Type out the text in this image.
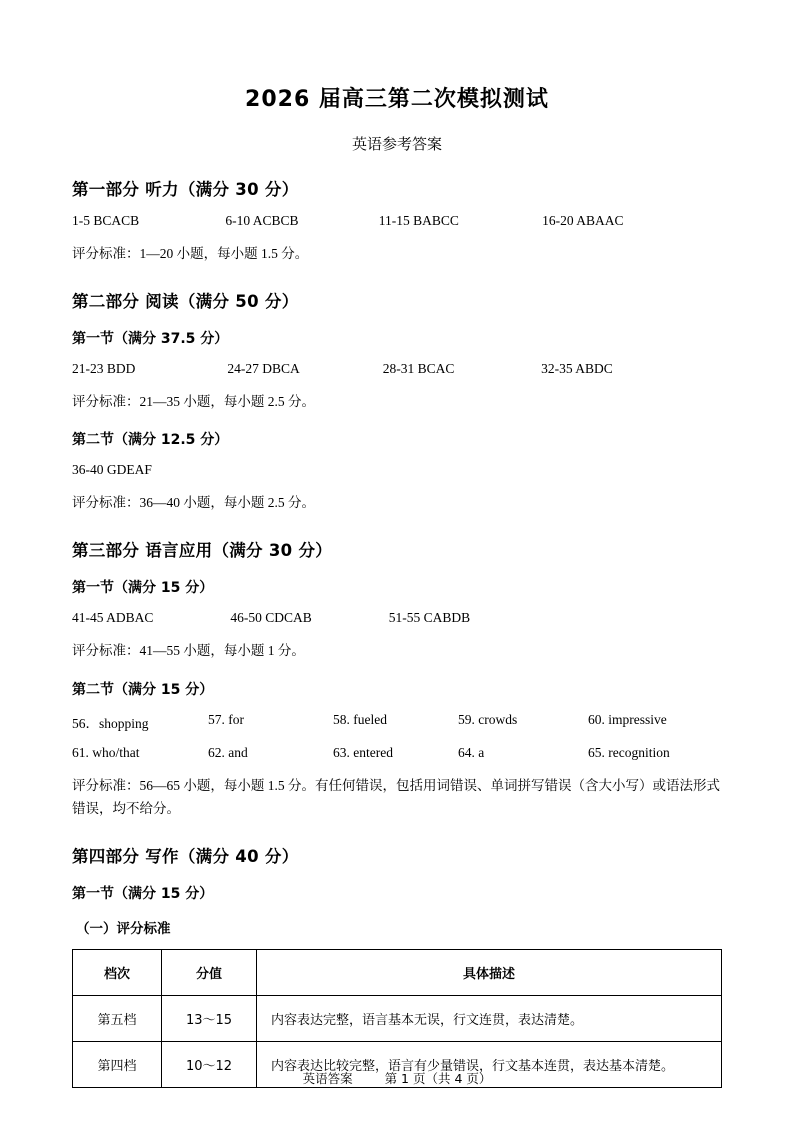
2026 届高三第二次模拟测试
英语参考答案
第一部分 听力（满分 30 分）
1-5 BCACB	6-10 ACBCB	11-15 BABCC	16-20 ABAAC
评分标准：1—20 小题，每小题 1.5 分。
第二部分 阅读（满分 50 分）
第一节（满分 37.5 分）
21-23 BDD	24-27 DBCA	28-31 BCAC	32-35 ABDC
评分标准：21—35 小题，每小题 2.5 分。
第二节（满分 12.5 分）
36-40 GDEAF
评分标准：36—40 小题，每小题 2.5 分。
第三部分 语言应用（满分 30 分）
第一节（满分 15 分）
41-45 ADBAC	46-50 CDCAB	51-55 CABDB
评分标准：41—55 小题，每小题 1 分。
第二节（满分 15 分）
56．shopping	57. for	58. fueled	59. crowds	60. impressive
61. who/that	62. and	63. entered	64. a	65. recognition
评分标准：56—65 小题，每小题 1.5 分。有任何错误，包括用词错误、单词拼写错误（含大小写）或语法形式错误，均不给分。
第四部分 写作（满分 40 分）
第一节（满分 15 分）
（一）评分标准
档次	分值	具体描述
第五档	13～15	内容表达完整，语言基本无误，行文连贯，表达清楚。
第四档	10～12	内容表达比较完整，语言有少量错误，行文基本连贯，表达基本清楚。
英语答案	第 1 页（共 4 页）
